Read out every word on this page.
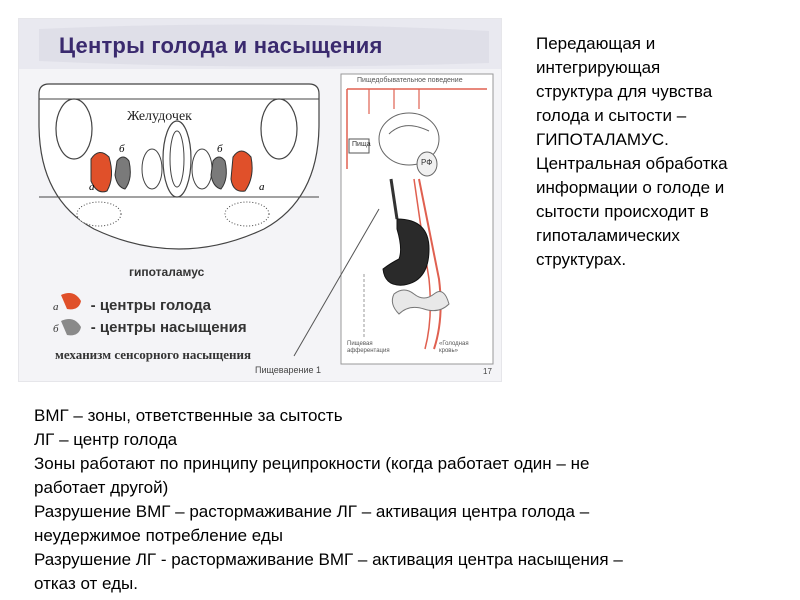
Центры голода и насыщения
Желудочек
а
б	б
а
гипоталамус
а - центры голода
б - центры насыщения
механизм сенсорного насыщения
Пищедобывательное поведение
Пища
РФ
Пищевая афферентация
«Голодная кровь»
Пищеварение 1	17
Передающая и
интегрирующая
структура для чувства
голода и сытости –
ГИПОТАЛАМУС.
Центральная обработка
информации о голоде и
сытости происходит в
гипоталамических
структурах.
ВМГ – зоны, ответственные за сытость
ЛГ – центр голода
Зоны работают по принципу реципрокности (когда работает один – не
работает другой)
Разрушение ВМГ – растормаживание ЛГ – активация центра голода –
неудержимое потребление еды
Разрушение ЛГ - растормаживание ВМГ – активация центра насыщения –
отказ от еды.
